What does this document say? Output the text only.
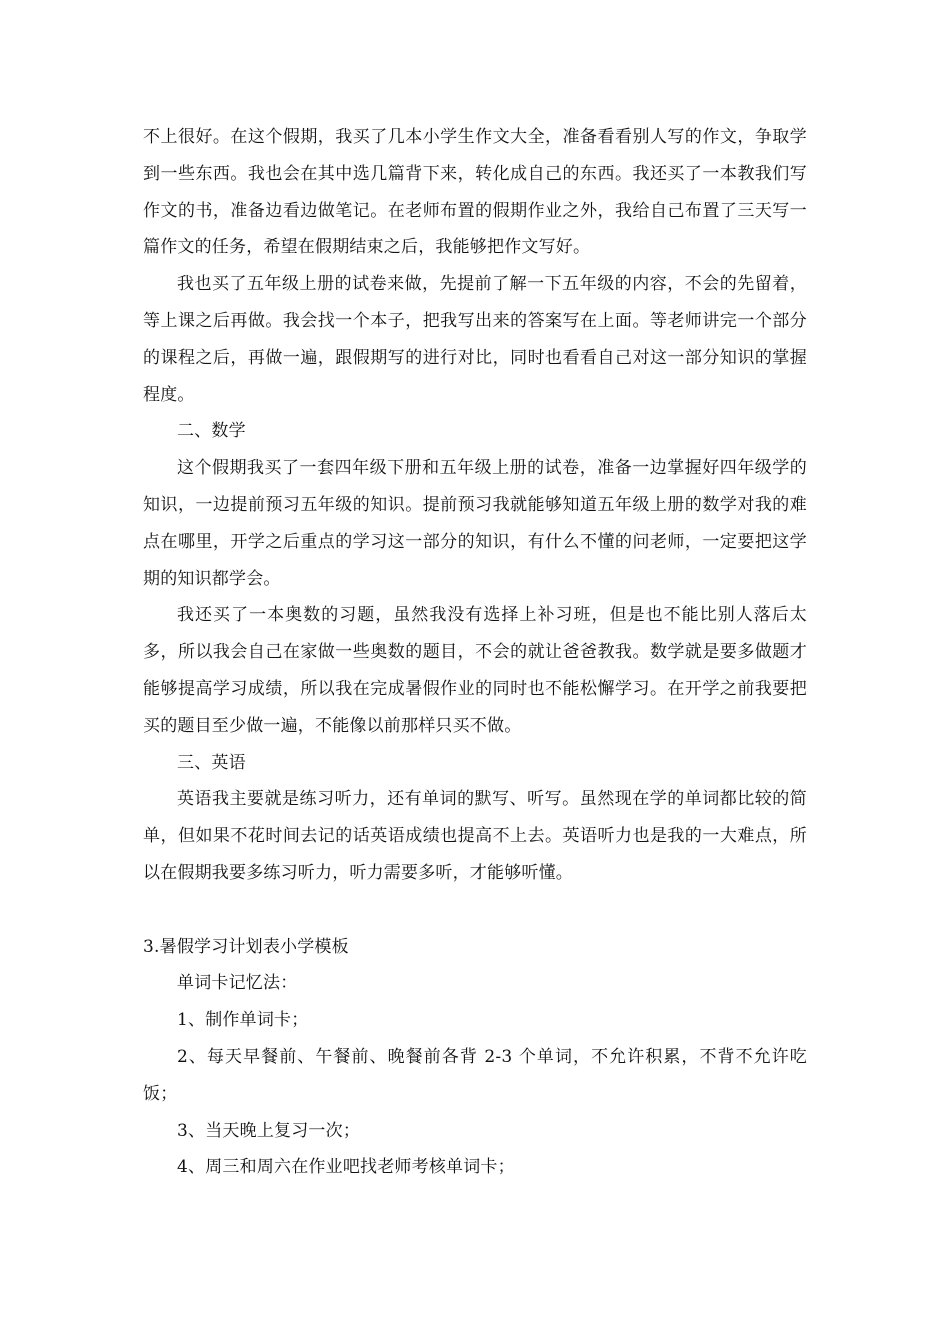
不上很好。在这个假期，我买了几本小学生作文大全，准备看看别人写的作文，争取学到一些东西。我也会在其中选几篇背下来，转化成自己的东西。我还买了一本教我们写作文的书，准备边看边做笔记。在老师布置的假期作业之外，我给自己布置了三天写一篇作文的任务，希望在假期结束之后，我能够把作文写好。

我也买了五年级上册的试卷来做，先提前了解一下五年级的内容，不会的先留着，等上课之后再做。我会找一个本子，把我写出来的答案写在上面。等老师讲完一个部分的课程之后，再做一遍，跟假期写的进行对比，同时也看看自己对这一部分知识的掌握程度。

二、数学

这个假期我买了一套四年级下册和五年级上册的试卷，准备一边掌握好四年级学的知识，一边提前预习五年级的知识。提前预习我就能够知道五年级上册的数学对我的难点在哪里，开学之后重点的学习这一部分的知识，有什么不懂的问老师，一定要把这学期的知识都学会。

我还买了一本奥数的习题，虽然我没有选择上补习班，但是也不能比别人落后太多，所以我会自己在家做一些奥数的题目，不会的就让爸爸教我。数学就是要多做题才能够提高学习成绩，所以我在完成暑假作业的同时也不能松懈学习。在开学之前我要把买的题目至少做一遍，不能像以前那样只买不做。

三、英语

英语我主要就是练习听力，还有单词的默写、听写。虽然现在学的单词都比较的简单，但如果不花时间去记的话英语成绩也提高不上去。英语听力也是我的一大难点，所以在假期我要多练习听力，听力需要多听，才能够听懂。

3.暑假学习计划表小学模板

单词卡记忆法：

1、制作单词卡；

2、每天早餐前、午餐前、晚餐前各背 2-3 个单词，不允许积累，不背不允许吃饭；

3、当天晚上复习一次；

4、周三和周六在作业吧找老师考核单词卡；
